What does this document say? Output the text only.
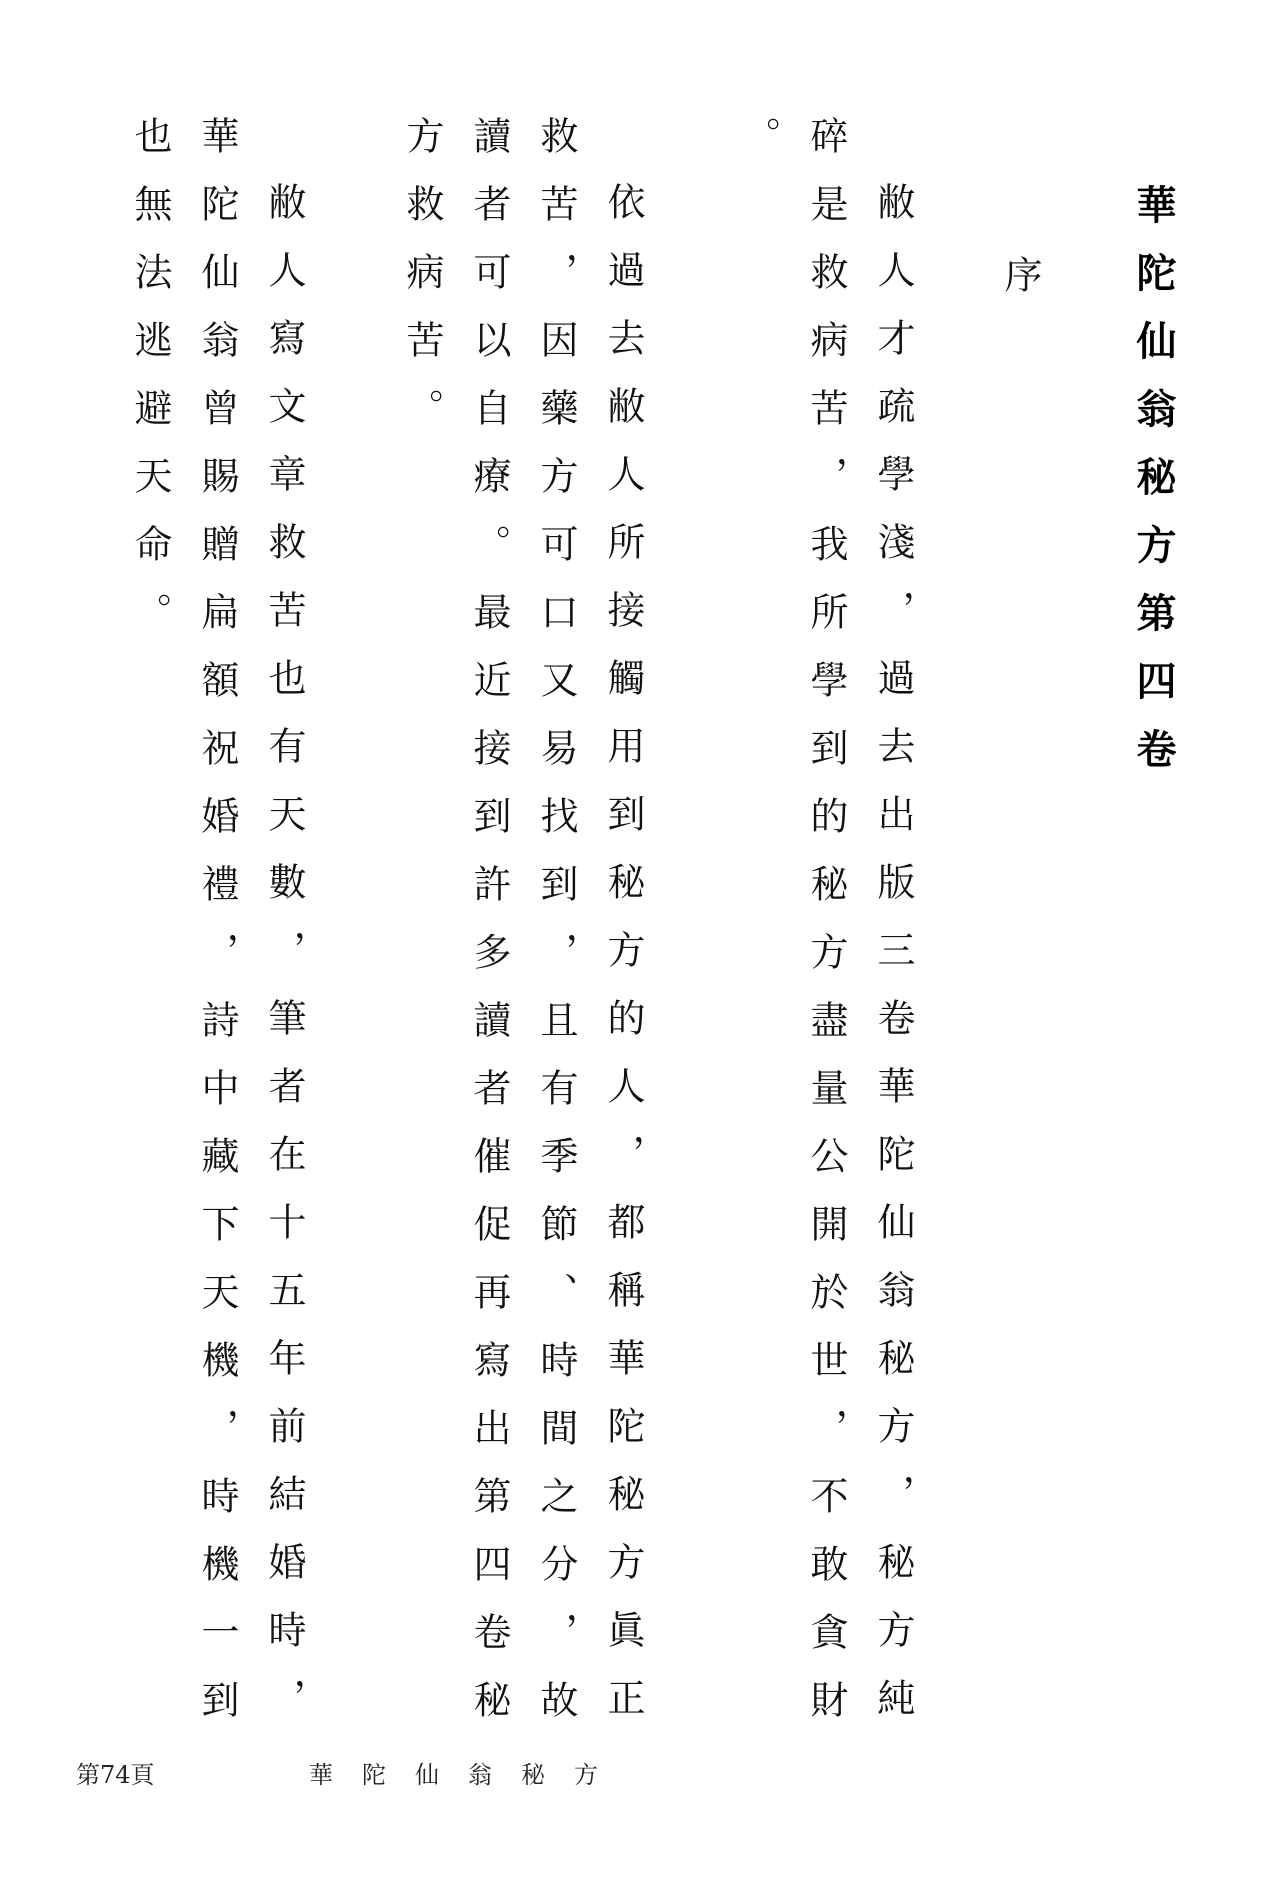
華陀仙翁秘方第四卷
序
敝人才疏學淺，過去出版三卷華陀仙翁秘方，秘方純
碎是救病苦，我所學到的秘方盡量公開於世，不敢貪財
。
依過去敝人所接觸用到秘方的人，都稱華陀秘方眞正
救苦，因藥方可口又易找到，且有季節、時間之分，故
讀者可以自療。最近接到許多讀者催促再寫出第四卷秘
方救病苦。
敝人寫文章救苦也有天數，筆者在十五年前結婚時，
華陀仙翁曾賜贈扁額祝婚禮，詩中藏下天機，時機一到
也無法逃避天命。
第74頁	華陀仙翁秘方
